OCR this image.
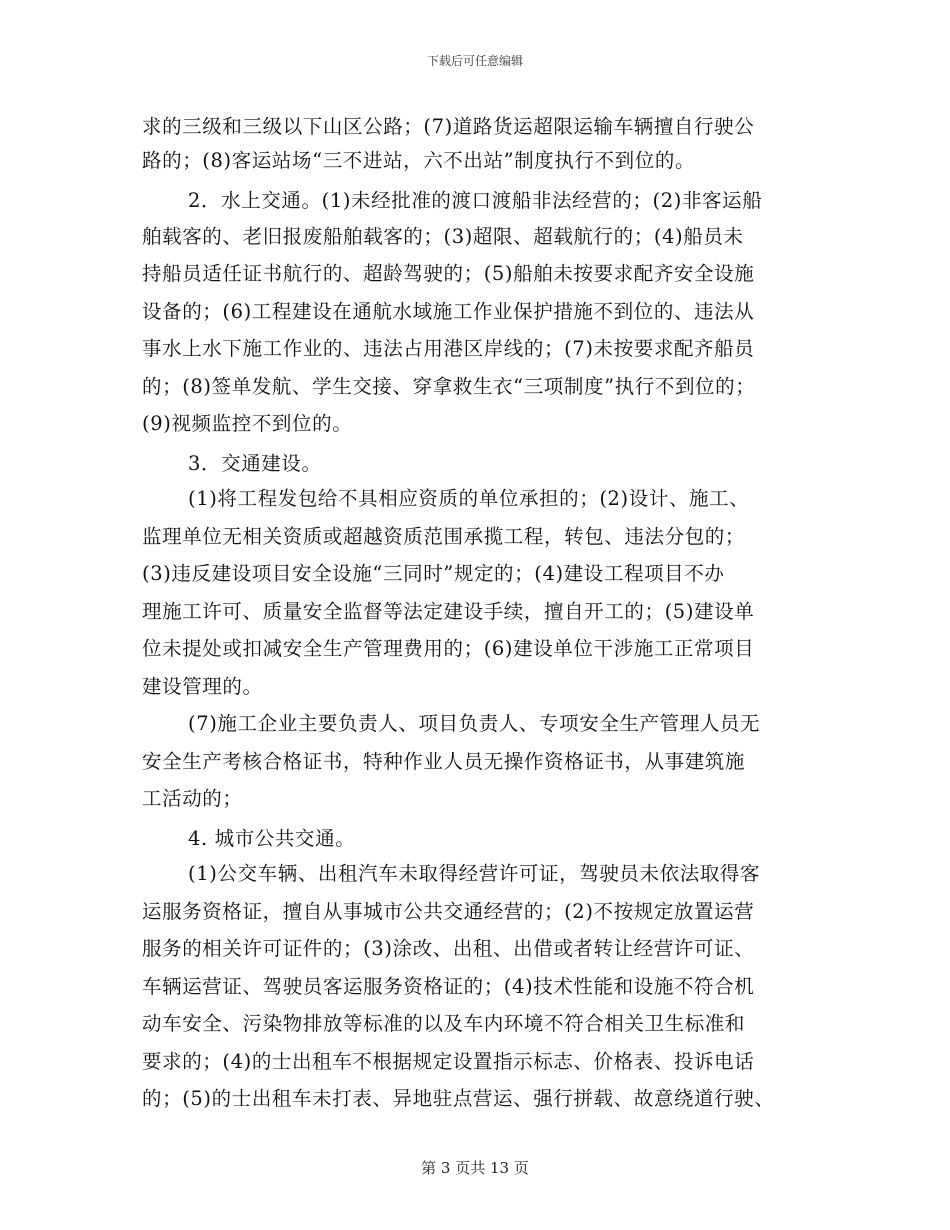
下载后可任意编辑
求的三级和三级以下山区公路；(7)道路货运超限运输车辆擅自行驶公
路的；(8)客运站场“三不进站，六不出站”制度执行不到位的。
2．水上交通。(1)未经批准的渡口渡船非法经营的；(2)非客运船
舶载客的、老旧报废船舶载客的；(3)超限、超载航行的；(4)船员未
持船员适任证书航行的、超龄驾驶的；(5)船舶未按要求配齐安全设施
设备的；(6)工程建设在通航水域施工作业保护措施不到位的、违法从
事水上水下施工作业的、违法占用港区岸线的；(7)未按要求配齐船员
的；(8)签单发航、学生交接、穿拿救生衣“三项制度”执行不到位的；
(9)视频监控不到位的。
3．交通建设。
(1)将工程发包给不具相应资质的单位承担的；(2)设计、施工、
监理单位无相关资质或超越资质范围承揽工程，转包、违法分包的；
(3)违反建设项目安全设施“三同时”规定的；(4)建设工程项目不办
理施工许可、质量安全监督等法定建设手续，擅自开工的；(5)建设单
位未提处或扣减安全生产管理费用的；(6)建设单位干涉施工正常项目
建设管理的。
(7)施工企业主要负责人、项目负责人、专项安全生产管理人员无
安全生产考核合格证书，特种作业人员无操作资格证书，从事建筑施
工活动的；
4. 城市公共交通。
(1)公交车辆、出租汽车未取得经营许可证，驾驶员未依法取得客
运服务资格证，擅自从事城市公共交通经营的；(2)不按规定放置运营
服务的相关许可证件的；(3)涂改、出租、出借或者转让经营许可证、
车辆运营证、驾驶员客运服务资格证的；(4)技术性能和设施不符合机
动车安全、污染物排放等标准的以及车内环境不符合相关卫生标准和
要求的；(4)的士出租车不根据规定设置指示标志、价格表、投诉电话
的；(5)的士出租车未打表、异地驻点营运、强行拼载、故意绕道行驶、
第 3 页共 13 页
